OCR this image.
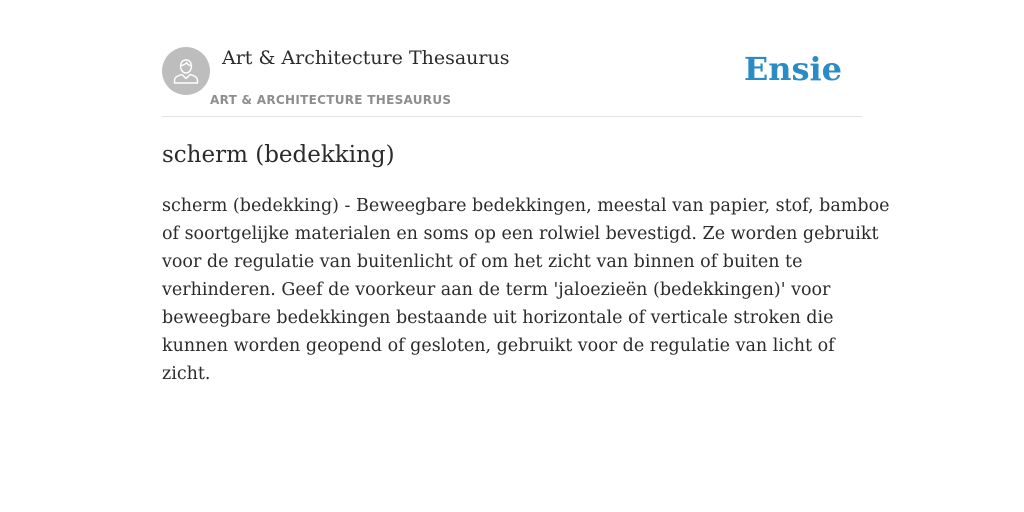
Art & Architecture Thesaurus
ART & ARCHITECTURE THESAURUS
Ensie
scherm (bedekking)

scherm (bedekking) - Beweegbare bedekkingen, meestal van papier, stof, bamboe
of soortgelijke materialen en soms op een rolwiel bevestigd. Ze worden gebruikt
voor de regulatie van buitenlicht of om het zicht van binnen of buiten te
verhinderen. Geef de voorkeur aan de term 'jaloezieën (bedekkingen)' voor
beweegbare bedekkingen bestaande uit horizontale of verticale stroken die
kunnen worden geopend of gesloten, gebruikt voor de regulatie van licht of
zicht.
